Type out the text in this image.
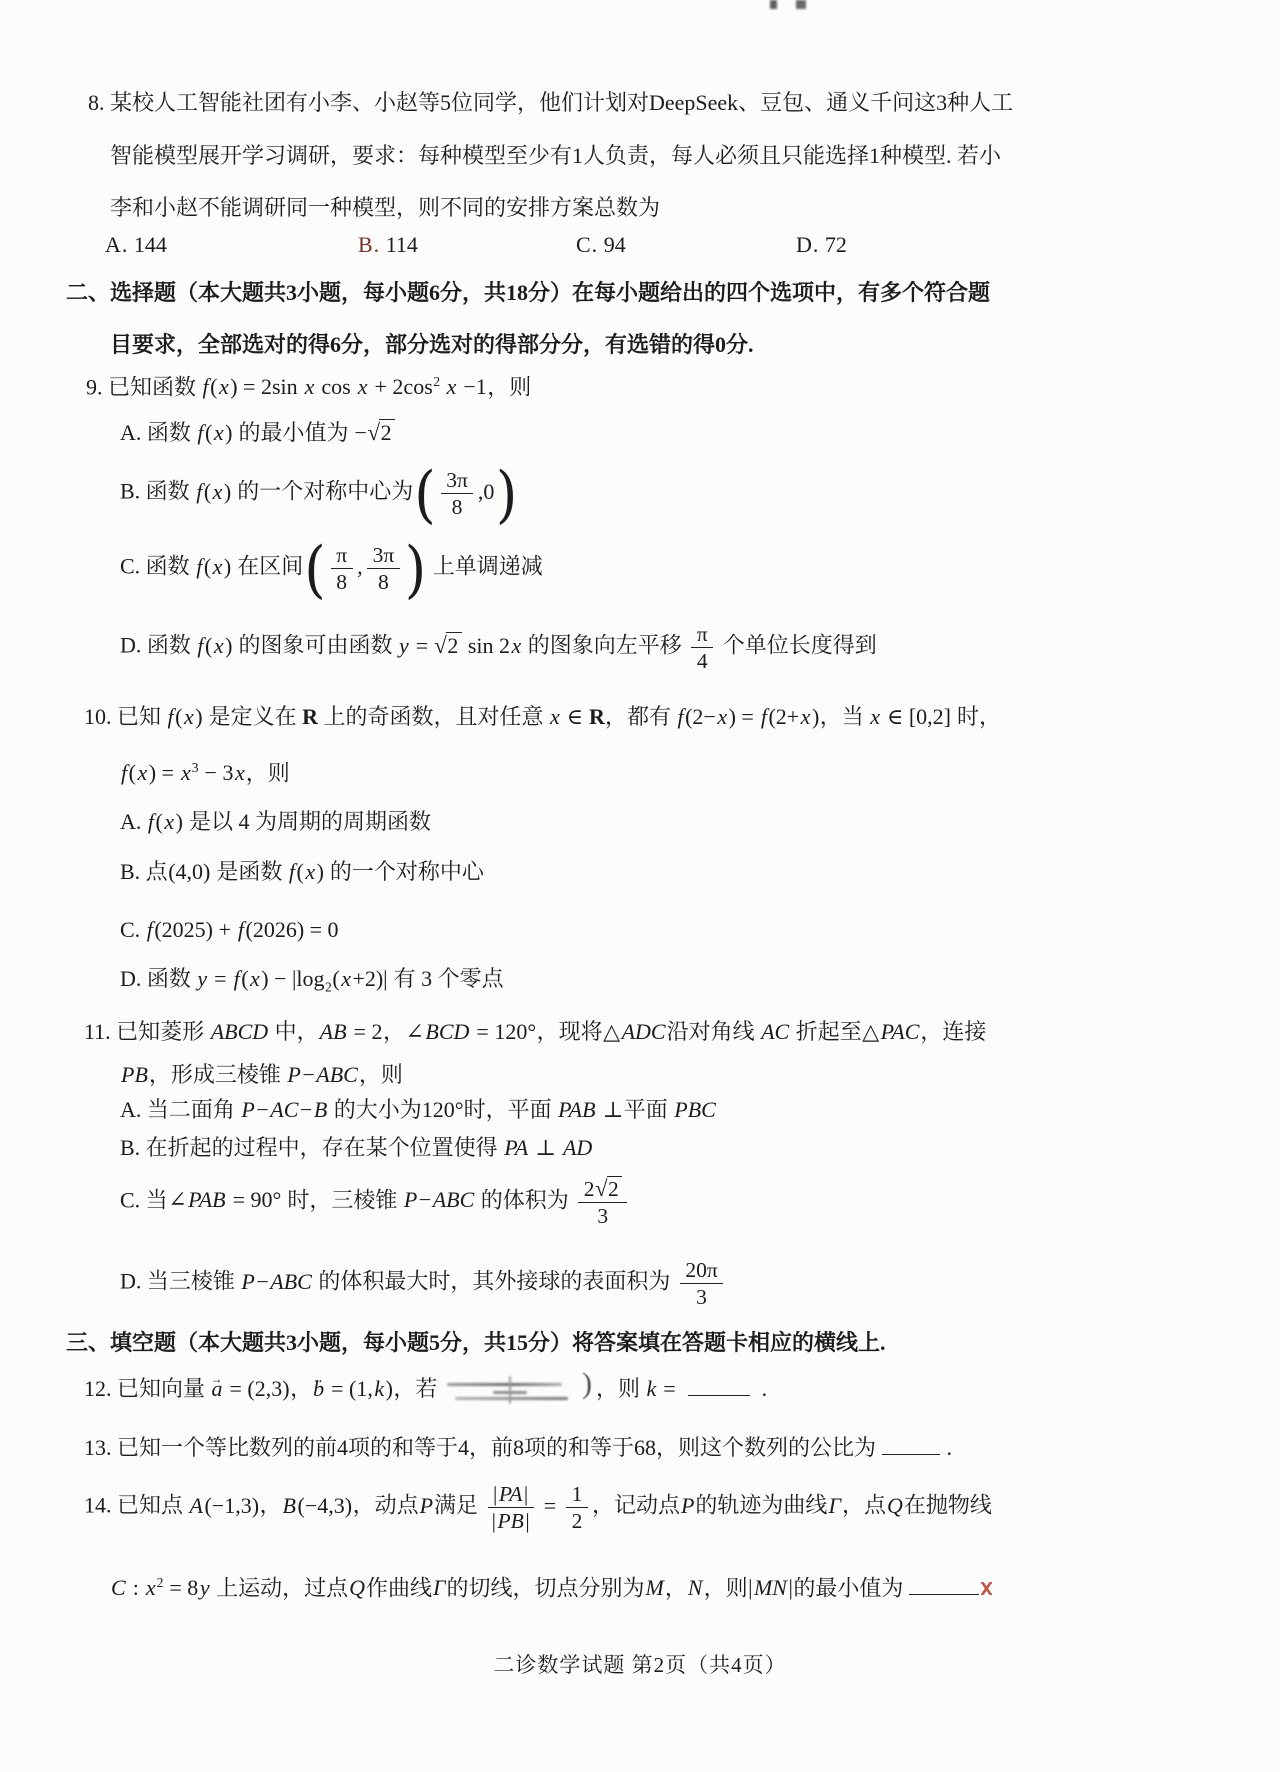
二诊数学试题 第2页（共4页）
8. 某校人工智能社团有小李、小赵等5位同学，他们计划对DeepSeek、豆包、通义千问这3种人工
智能模型展开学习调研，要求：每种模型至少有1人负责，每人必须且只能选择1种模型. 若小
李和小赵不能调研同一种模型，则不同的安排方案总数为
A. 144	B. 114	C. 94	D. 72
二、选择题（本大题共3小题，每小题6分，共18分）在每小题给出的四个选项中，有多个符合题
目要求，全部选对的得6分，部分选对的得部分分，有选错的得0分.
9. 已知函数 f(x) = 2sin x $\cos x + 2\cos^2$ x −1，则
A. 函数 f(x) 的最小值为 −√2
B. 函数 f(x) 的一个对称中心为( $\frac{3\pi}{8} ,0$)
C. 函数 f(x) 在区间( $\frac{\pi}{8}$ , $\frac{3\pi}{8}$ ) 上单调递减
D. 函数 f(x) 的图象可由函数 y = √2 sin 2x 的图象向左平移 $\frac{\pi}{4}$ 个单位长度得到
10. 已知 f(x) 是定义在 R 上的奇函数，且对任意 x ∈ R，都有 f(2−x) = f(2+x)，当 x ∈ [0,2] 时，
$f(x) = x^3 - 3x$，则
A. f(x) 是以 4 为周期的周期函数
B. 点(4,0) 是函数 f(x) 的一个对称中心
C. f(2025) + f(2026) = 0
D. 函数 $y = f(x) - |\log_2(x+2)|$ 有 3 个零点
11. 已知菱形 ABCD 中，AB = 2，∠BCD = 120°，现将△ADC沿对角线 AC 折起至△PAC，连接
PB，形成三棱锥 P−ABC，则
A. 当二面角 P−AC−B 的大小为120°时，平面 PAB ⊥平面 PBC
B. 在折起的过程中，存在某个位置使得 PA ⊥ AD
C. 当∠PAB = 90° 时，三棱锥 P−ABC 的体积为 $\frac{2√2}{3}$
D. 当三棱锥 P−ABC 的体积最大时，其外接球的表面积为 $\frac{20\pi}{3}$
三、填空题（本大题共3小题，每小题5分，共15分）将答案填在答题卡相应的横线上.
12. 已知向量 a → = (2,3)，b → = (1,k)，若	) ，则 k =	.
13. 已知一个等比数列的前4项的和等于4，前8项的和等于68，则这个数列的公比为	.
14. 已知点 A(−1,3)，B(−4,3)，动点P满足 $\frac{|PA|}{|PB|} = \frac{1}{2}$ ，记动点P的轨迹为曲线Γ，点Q在抛物线
C : $x^2 = 8y$ 上运动，过点Q作曲线Γ的切线，切点分别为M，N，则|MN|的最小值为
